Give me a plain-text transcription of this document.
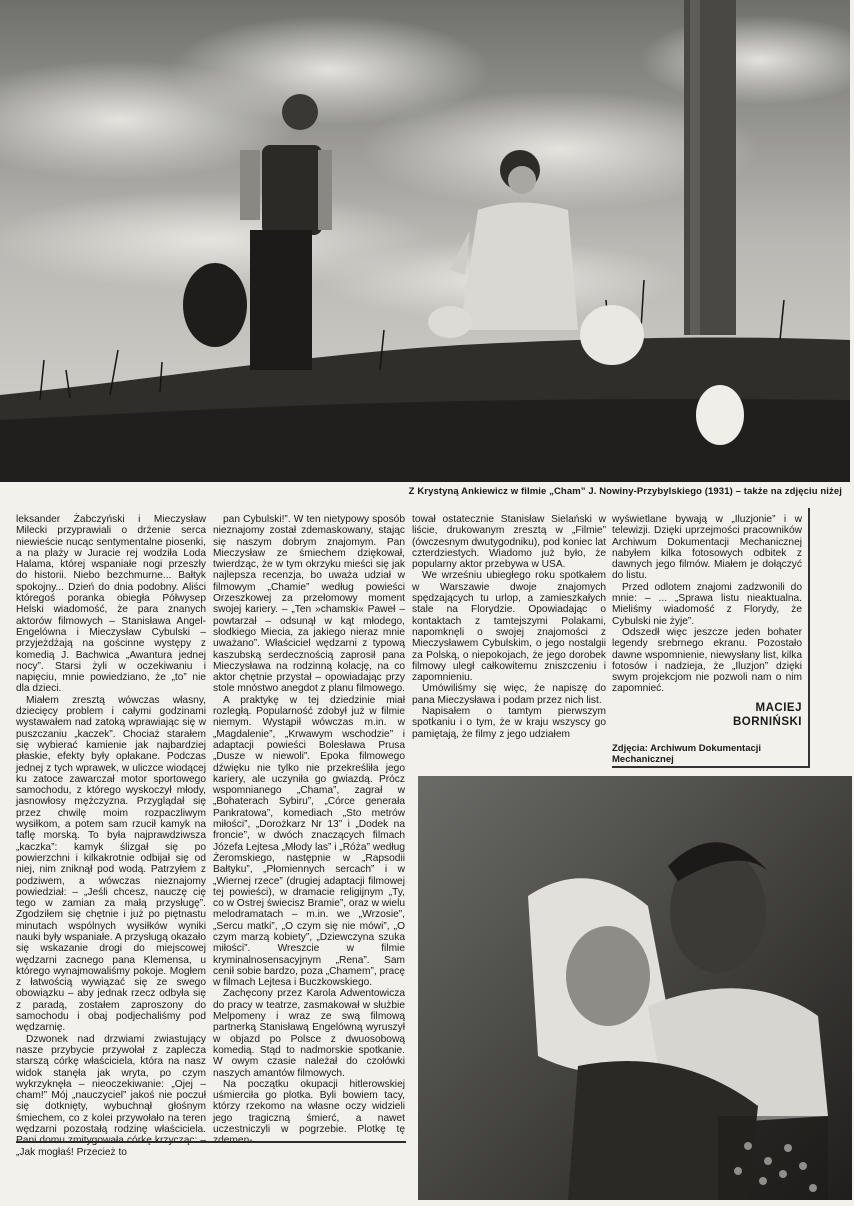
Z Krystyną Ankiewicz w filmie „Cham” J. Nowiny-Przybylskiego (1931) – także na zdjęciu niżej

leksander Żabczyński i Mieczysław Milecki przyprawiali o drżenie serca niewieście nucąc sentymentalne piosenki, a na plaży w Juracie rej wodziła Loda Halama, której wspaniałe nogi przeszły do historii. Niebo bezchmurne... Bałtyk spokojny... Dzień do dnia podobny. Aliści któregoś poranka obiegła Półwysep Helski wiadomość, że para znanych aktorów filmowych – Stanisława Angel-Engelówna i Mieczysław Cybulski – przyjeżdżają na gościnne występy z komedią J. Bachwica „Awantura jednej nocy”. Starsi żyli w oczekiwaniu i napięciu, mnie powiedziano, że „to” nie dla dzieci.

Miałem zresztą wówczas własny, dziecięcy problem i całymi godzinami wystawałem nad zatoką wprawiając się w puszczaniu „kaczek”. Chociaż starałem się wybierać kamienie jak najbardziej płaskie, efekty były opłakane. Podczas jednej z tych wprawek, w uliczce wiodącej ku zatoce zawarczał motor sportowego samochodu, z którego wyskoczył młody, jasnowłosy mężczyzna. Przyglądał się przez chwilę moim rozpaczliwym wysiłkom, a potem sam rzucił kamyk na taflę morską. To była najprawdziwsza „kaczka”: kamyk ślizgał się po powierzchni i kilkakrotnie odbijał się od niej, nim zniknął pod wodą. Patrzyłem z podziwem, a wówczas nieznajomy powiedział: – „Jeśli chcesz, nauczę cię tego w zamian za małą przysługę”. Zgodziłem się chętnie i już po piętnastu minutach wspólnych wysiłków wyniki nauki były wspaniałe. A przysługą okazało się wskazanie drogi do miejscowej wędzarni zacnego pana Klemensa, u którego wynajmowaliśmy pokoje. Mogłem z łatwością wywiązać się ze swego obowiązku – aby jednak rzecz odbyła się z paradą, zostałem zaproszony do samochodu i obaj podjechaliśmy pod wędzarnię.

Dzwonek nad drzwiami zwiastujący nasze przybycie przywołał z zaplecza starszą córkę właściciela, która na nasz widok stanęła jak wryta, po czym wykrzyknęła – nieoczekiwanie: „Ojej – cham!” Mój „nauczyciel” jakoś nie poczuł się dotknięty, wybuchnął głośnym śmiechem, co z kolei przywołało na teren wędzarni pozostałą rodzinę właściciela. „Jak mogłaś! Przecież to

pan Cybulski!”. W ten nietypowy sposób nieznajomy został zdemaskowany, stając się naszym dobrym znajomym. Pan Mieczysław ze śmiechem dziękował, twierdząc, że w tym okrzyku mieści się jak najlepsza recenzja, bo uważa udział w filmowym „Chamie” według powieści Orzeszkowej za przełomowy moment swojej kariery. – „Ten »chamski« Paweł – powtarzał – odsunął w kąt młodego, słodkiego Miecia, za jakiego nieraz mnie uważano”. Właściciel wędzarni z typową kaszubską serdecznością zaprosił pana Mieczysława na rodzinną kolację, na co aktor chętnie przystał – opowiadając przy stole mnóstwo anegdot z planu filmowego.

A praktykę w tej dziedzinie miał rozległą. Popularność zdobył już w filmie niemym. Wystąpił wówczas m.in. w „Magdalenie”, „Krwawym wschodzie” i adaptacji powieści Bolesława Prusa „Dusze w niewoli”. Epoka filmowego dźwięku nie tylko nie przekreśliła jego kariery, ale uczyniła go gwiazdą. Prócz wspomnianego „Chama”, zagrał w „Bohaterach Sybiru”, „Córce generała Pankratowa”, komediach „Sto metrów miłości”, „Dorożkarz Nr 13” i „Dodek na froncie”, w dwóch znaczących filmach Józefa Lejtesa „Młody las” i „Róża” według Żeromskiego, następnie w „Rapsodii Bałtyku”, „Płomiennych sercach” i w „Wiernej rzece” (drugiej adaptacji filmowej tej powieści), w dramacie religijnym „Ty, co w Ostrej świecisz Bramie”, oraz w wielu melodramatach – m.in. we „Wrzosie”, „Sercu matki”, „O czym się nie mówi”, „O czym marzą kobiety”, „Dziewczyna szuka miłości”. Wreszcie w filmie kryminalnosensacyjnym „Rena”. Sam cenił sobie bardzo, poza „Chamem”, pracę w filmach Lejtesa i Buczkowskiego.

Zachęcony przez Karola Adwentowicza do pracy w teatrze, zasmakował w służbie Melpomeny i wraz ze swą filmową partnerką Stanisławą Engelówną wyruszył w objazd po Polsce z dwuosobową komedią. Stąd to nadmorskie spotkanie. W owym czasie należał do czołówki naszych amantów filmowych.

Na początku okupacji hitlerowskiej uśmierciła go plotka. Byli bowiem tacy, którzy rzekomo na własne oczy widzieli jego tragiczną śmierć, a nawet uczestniczyli w pogrzebie. Plotkę tę

tował ostatecznie Stanisław Sielański w liście, drukowanym zresztą w „Filmie” (ówczesnym dwutygodniku), pod koniec lat czterdziestych. Wiadomo już było, że popularny aktor przebywa w USA.

We wrześniu ubiegłego roku spotkałem w Warszawie dwoje znajomych spędzających tu urlop, a zamieszkałych stale na Florydzie. Opowiadając o kontaktach z tamtejszymi Polakami, napomknęli o swojej znajomości z Mieczysławem Cybulskim, o jego nostalgii za Polską, o niepokojach, że jego dorobek filmowy uległ całkowitemu zniszczeniu i zapomnieniu.

Umówiliśmy się więc, że napiszę do pana Mieczysława i podam przez nich list.

Napisałem o tamtym pierwszym spotkaniu i o tym, że w kraju wszyscy go pamiętają, że filmy z jego udziałem

wyświetlane bywają w „Iluzjonie” i w telewizji. Dzięki uprzejmości pracowników Archiwum Dokumentacji Mechanicznej nabyłem kilka fotosowych odbitek z dawnych jego filmów. Miałem je dołączyć do listu.

Przed odlotem znajomi zadzwonili do mnie: – ... „Sprawa listu nieaktualna. Mieliśmy wiadomość z Florydy, że Cybulski nie żyje”.

Odszedł więc jeszcze jeden bohater legendy srebrnego ekranu. Pozostało dawne wspomnienie, niewysłany list, kilka fotosów i nadzieja, że „Iluzjon” dzięki swym projekcjom nie pozwoli nam o nim zapomnieć.

MACIEJ
BORNIŃSKI
Zdjęcia: Archiwum Dokumentacji Mechanicznej
